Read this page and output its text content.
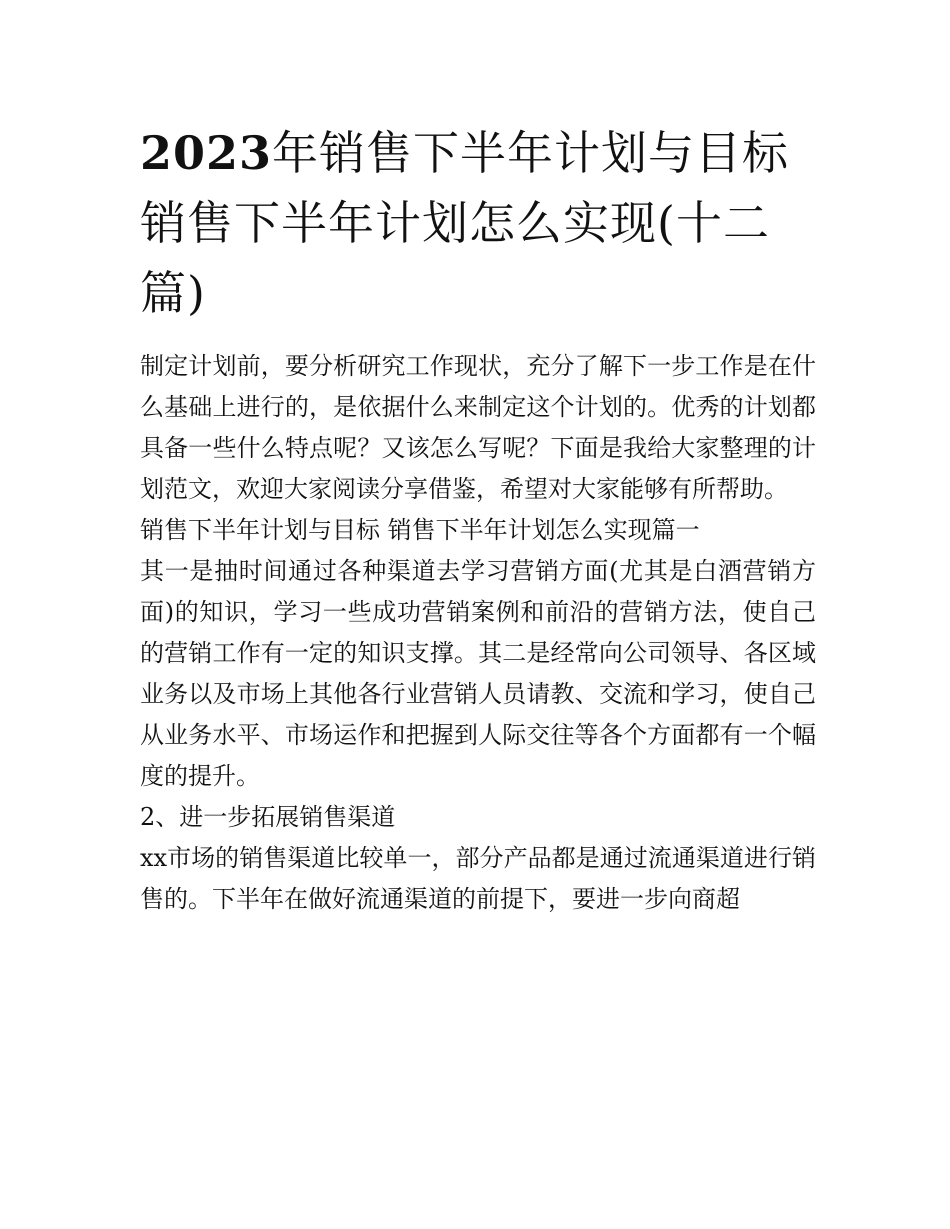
2023年销售下半年计划与目标 销售下半年计划怎么实现(十二篇)

制定计划前，要分析研究工作现状，充分了解下一步工作是在什么基础上进行的，是依据什么来制定这个计划的。优秀的计划都具备一些什么特点呢？又该怎么写呢？下面是我给大家整理的计划范文，欢迎大家阅读分享借鉴，希望对大家能够有所帮助。

销售下半年计划与目标 销售下半年计划怎么实现篇一

其一是抽时间通过各种渠道去学习营销方面(尤其是白酒营销方面)的知识，学习一些成功营销案例和前沿的营销方法，使自己的营销工作有一定的知识支撑。其二是经常向公司领导、各区域业务以及市场上其他各行业营销人员请教、交流和学习，使自己从业务水平、市场运作和把握到人际交往等各个方面都有一个幅度的提升。

2、进一步拓展销售渠道

xx市场的销售渠道比较单一，部分产品都是通过流通渠道进行销售的。下半年在做好流通渠道的前提下，要进一步向商超
